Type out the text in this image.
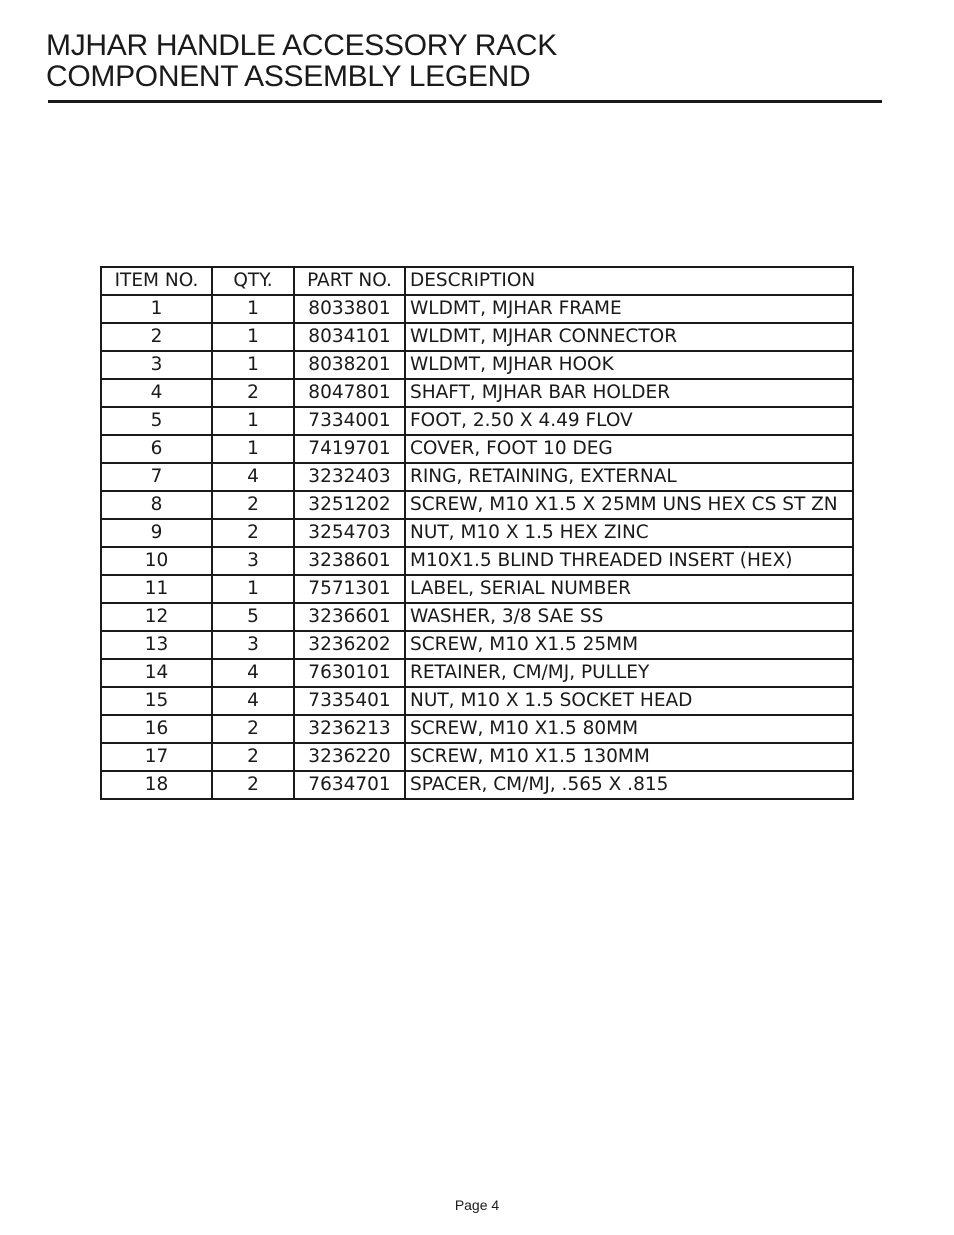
MJHAR HANDLE ACCESSORY RACK
COMPONENT ASSEMBLY LEGEND
ITEM NO.	QTY.	PART NO.	DESCRIPTION
1	1	8033801	WLDMT, MJHAR FRAME
2	1	8034101	WLDMT, MJHAR CONNECTOR
3	1	8038201	WLDMT, MJHAR HOOK
4	2	8047801	SHAFT, MJHAR BAR HOLDER
5	1	7334001	FOOT, 2.50 X 4.49 FLOV
6	1	7419701	COVER, FOOT 10 DEG
7	4	3232403	RING, RETAINING, EXTERNAL
8	2	3251202	SCREW, M10 X1.5 X 25MM UNS HEX CS ST ZN
9	2	3254703	NUT, M10 X 1.5 HEX ZINC
10	3	3238601	M10X1.5 BLIND THREADED INSERT (HEX)
11	1	7571301	LABEL, SERIAL NUMBER
12	5	3236601	WASHER, 3/8 SAE SS
13	3	3236202	SCREW, M10 X1.5 25MM
14	4	7630101	RETAINER, CM/MJ, PULLEY
15	4	7335401	NUT, M10 X 1.5 SOCKET HEAD
16	2	3236213	SCREW, M10 X1.5 80MM
17	2	3236220	SCREW, M10 X1.5 130MM
18	2	7634701	SPACER, CM/MJ, .565 X .815
Page 4
